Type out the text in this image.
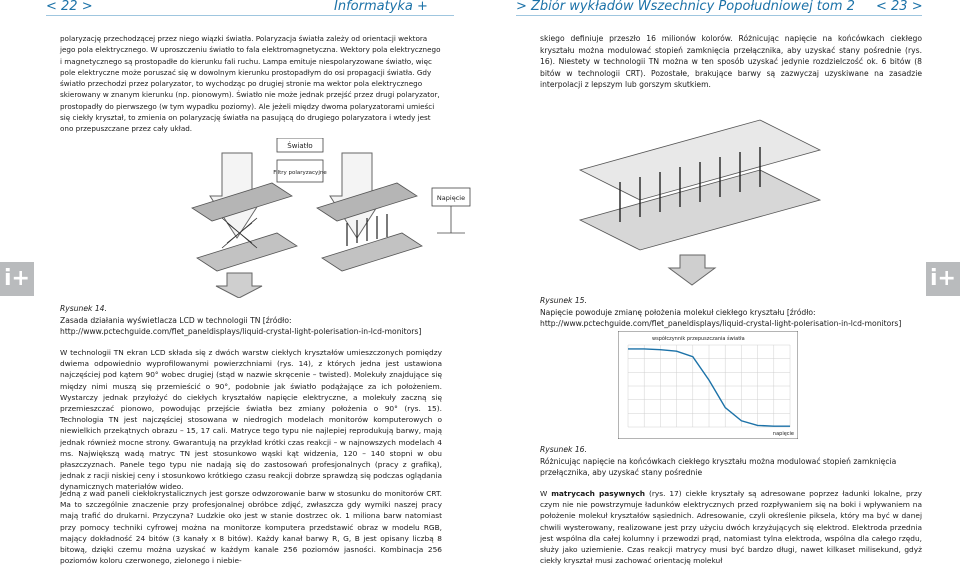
< 22 >	Informatyka +	> Zbiór wykładów Wszechnicy Popołudniowej tom 2 < 23 >

polaryzację przechodzącej przez niego wiązki światła. Polaryzacja światła zależy od orientacji wektora jego pola elektrycznego. W uproszczeniu światło to fala elektromagnetyczna. Wektory pola elektrycznego i magnetycznego są prostopadłe do kierunku fali ruchu. Lampa emituje niespolaryzowane światło, więc pole elektryczne może poruszać się w dowolnym kierunku prostopadłym do osi propagacji światła. Gdy światło przechodzi przez polaryzator, to wychodząc po drugiej stronie ma wektor pola elektrycznego skierowany w znanym kierunku (np. pionowym). Światło nie może jednak przejść przez drugi polaryzator, prostopadły do pierwszego (w tym wypadku poziomy). Ale jeżeli między dwoma polaryzatorami umieści się ciekły kryształ, to zmienia on polaryzację światła na pasującą do drugiego polaryzatora i wtedy jest ono przepuszczane przez cały układ.

Napięcie
Światło
Filtry polaryzacyjne

Rysunek 14.

Zasada działania wyświetlacza LCD w technologii TN [źródło: http://www.pctechguide.com/flet_paneldisplays/liquid-crystal-light-polerisation-in-lcd-monitors]

W technologii TN ekran LCD składa się z dwóch warstw ciekłych kryształów umieszczonych pomiędzy dwiema odpowiednio wyprofilowanymi powierzchniami (rys. 14), z których jedna jest ustawiona najczęściej pod kątem 90° wobec drugiej (stąd w nazwie skręcenie – twisted). Molekuły znajdujące się między nimi muszą się przemieścić o 90°, podobnie jak światło podążające za ich położeniem. Wystarczy jednak przyłożyć do ciekłych kryształów napięcie elektryczne, a molekuły zaczną się przemieszczać pionowo, powodując przejście światła bez zmiany położenia o 90° (rys. 15). Technologia TN jest najczęściej stosowana w niedrogich modelach monitorów komputerowych o niewielkich przekątnych obrazu – 15, 17 cali. Matryce tego typu nie najlepiej reprodukują barwy, mają jednak również mocne strony. Gwarantują na przykład krótki czas reakcji – w najnowszych modelach 4 ms. Największą wadą matryc TN jest stosunkowo wąski kąt widzenia, 120 – 140 stopni w obu płaszczyznach. Panele tego typu nie nadają się do zastosowań profesjonalnych (pracy z grafiką), jednak z racji niskiej ceny i stosunkowo krótkiego czasu reakcji dobrze sprawdzą się podczas oglądania dynamicznych materiałów wideo.

Jedną z wad paneli ciekłokrystalicznych jest gorsze odwzorowanie barw w stosunku do monitorów CRT. Ma to szczególnie znaczenie przy profesjonalnej obróbce zdjęć, zwłaszcza gdy wymiki naszej pracy mają trafić do drukarni. Przyczyna? Ludzkie oko jest w stanie dostrzec ok. 1 miliona barw natomiast przy pomocy techniki cyfrowej można na monitorze komputera przedstawić obraz w modelu RGB, mający dokładność 24 bitów (3 kanały x 8 bitów). Każdy kanał barwy R, G, B jest opisany liczbą 8 bitową, dzięki czemu można uzyskać w każdym kanale 256 poziomów jasności. Kombinacja 256 poziomów koloru czerwonego, zielonego i niebie-

skiego definiuje przeszło 16 milionów kolorów. Różnicując napięcie na końcówkach ciekłego kryształu można modulować stopień zamknięcia przełącznika, aby uzyskać stany pośrednie (rys. 16). Niestety w technologii TN można w ten sposób uzyskać jedynie rozdzielczość ok. 6 bitów (8 bitów w technologii CRT). Pozostałe, brakujące barwy są zazwyczaj uzyskiwane na zasadzie interpolacji z lepszym lub gorszym skutkiem.

Rysunek 15.

Napięcie powoduje zmianę położenia molekuł ciekłego kryształu [źródło: http://www.pctechguide.com/flet_paneldisplays/liquid-crystal-light-polerisation-in-lcd-monitors]

współczynnik przepuszczania światła
napięcie

Rysunek 16.

Różnicując napięcie na końcówkach ciekłego kryształu można modulować stopień zamknięcia przełącznika, aby uzyskać stany pośrednie

W matrycach pasywnych (rys. 17) ciekłe kryształy są adresowane poprzez ładunki lokalne, przy czym nie nie powstrzymuje ładunków elektrycznych przed rozpływaniem się na boki i wpływaniem na położenie molekuł kryształów sąsiednich. Adresowanie, czyli określenie piksela, który ma być w danej chwili wysterowany, realizowane jest przy użyciu dwóch krzyżujących się elektrod. Elektroda przednia jest wspólna dla całej kolumny i przewodzi prąd, natomiast tylna elektroda, wspólna dla całego rzędu, służy jako uziemienie. Czas reakcji matrycy musi być bardzo długi, nawet kilkaset milisekund, gdyż ciekły kryształ musi zachować orientację molekuł

i+	i+
